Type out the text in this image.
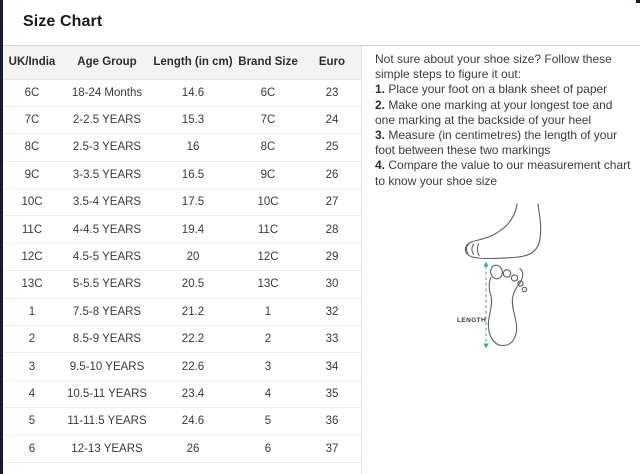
Size Chart
UK/India	Age Group	Length (in cm)	Brand Size	Euro
6C	18-24 Months	14.6	6C	23
7C	2-2.5 YEARS	15.3	7C	24
8C	2.5-3 YEARS	16	8C	25
9C	3-3.5 YEARS	16.5	9C	26
10C	3.5-4 YEARS	17.5	10C	27
11C	4-4.5 YEARS	19.4	11C	28
12C	4.5-5 YEARS	20	12C	29
13C	5-5.5 YEARS	20.5	13C	30
1	7.5-8 YEARS	21.2	1	32
2	8.5-9 YEARS	22.2	2	33
3	9.5-10 YEARS	22.6	3	34
4	10.5-11 YEARS	23.4	4	35
5	11-11.5 YEARS	24.6	5	36
6	12-13 YEARS	26	6	37

Not sure about your shoe size? Follow these simple steps to figure it out:

1. Place your foot on a blank sheet of paper

2. Make one marking at your longest toe and one marking at the backside of your heel

3. Measure (in centimetres) the length of your foot between these two markings

4. Compare the value to our measurement chart to know your shoe size

LENGTH
